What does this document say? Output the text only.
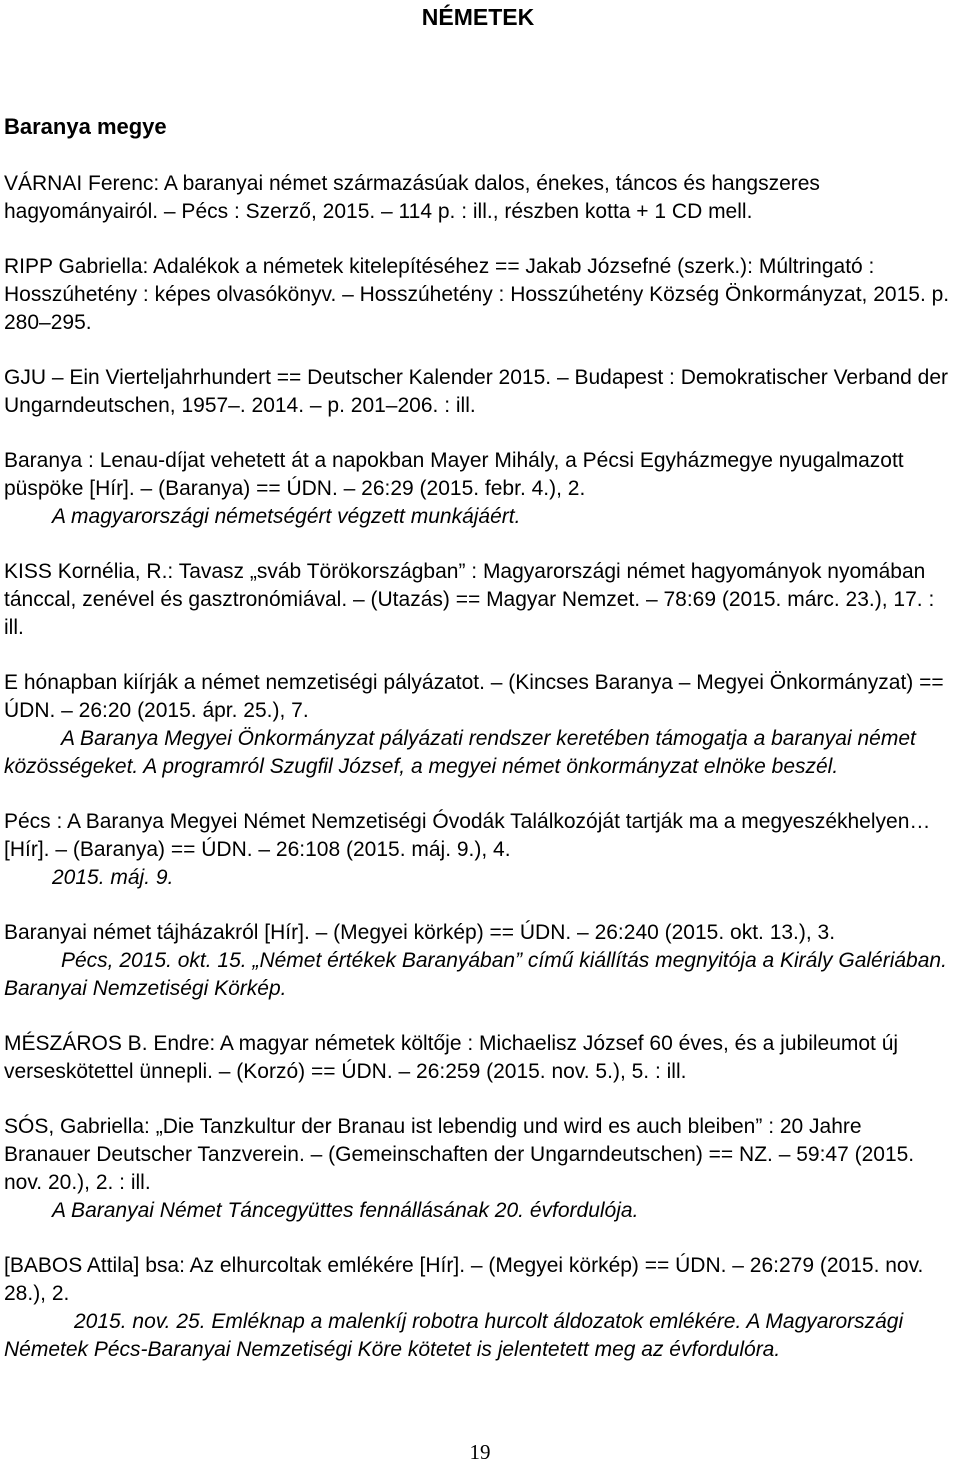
NÉMETEK
Baranya megye
VÁRNAI Ferenc: A baranyai német származásúak dalos, énekes, táncos és hangszeres hagyományairól. – Pécs : Szerző, 2015. – 114 p. : ill., részben kotta + 1 CD mell.
RIPP Gabriella: Adalékok a németek kitelepítéséhez == Jakab Józsefné (szerk.): Múltringató : Hosszúhetény : képes olvasókönyv. – Hosszúhetény : Hosszúhetény Község Önkormányzat, 2015. p. 280–295.
GJU – Ein Vierteljahrhundert == Deutscher Kalender 2015. – Budapest : Demokratischer Verband der Ungarndeutschen, 1957–. 2014. – p. 201–206. : ill.
Baranya : Lenau-díjat vehetett át a napokban Mayer Mihály, a Pécsi Egyházmegye nyugalmazott püspöke [Hír]. – (Baranya) == ÚDN. – 26:29 (2015. febr. 4.), 2.
A magyarországi németségért végzett munkájáért.
KISS Kornélia, R.: Tavasz „sváb Törökországban” : Magyarországi német hagyományok nyomában tánccal, zenével és gasztronómiával. – (Utazás) == Magyar Nemzet. – 78:69 (2015. márc. 23.), 17. : ill.
E hónapban kiírják a német nemzetiségi pályázatot. – (Kincses Baranya – Megyei Önkormányzat) == ÚDN. – 26:20 (2015. ápr. 25.), 7.
A Baranya Megyei Önkormányzat pályázati rendszer keretében támogatja a baranyai német közösségeket. A programról Szugfil József, a megyei német önkormányzat elnöke beszél.
Pécs : A Baranya Megyei Német Nemzetiségi Óvodák Találkozóját tartják ma a megyeszékhelyen… [Hír]. – (Baranya) == ÚDN. – 26:108 (2015. máj. 9.), 4.
2015. máj. 9.
Baranyai német tájházakról [Hír]. – (Megyei körkép) == ÚDN. – 26:240 (2015. okt. 13.), 3.
Pécs, 2015. okt. 15. „Német értékek Baranyában” című kiállítás megnyitója a Király Galériában. Baranyai Nemzetiségi Körkép.
MÉSZÁROS B. Endre: A magyar németek költője : Michaelisz József 60 éves, és a jubileumot új verseskötettel ünnepli. – (Korzó) == ÚDN. – 26:259 (2015. nov. 5.), 5. : ill.
SÓS, Gabriella: „Die Tanzkultur der Branau ist lebendig und wird es auch bleiben” : 20 Jahre Branauer Deutscher Tanzverein. – (Gemeinschaften der Ungarndeutschen) == NZ. – 59:47 (2015. nov. 20.), 2. : ill.
A Baranyai Német Táncegyüttes fennállásának 20. évfordulója.
[BABOS Attila] bsa: Az elhurcoltak emlékére [Hír]. – (Megyei körkép) == ÚDN. – 26:279 (2015. nov. 28.), 2.
2015. nov. 25. Emléknap a malenkíj robotra hurcolt áldozatok emlékére. A Magyarországi Németek Pécs-Baranyai Nemzetiségi Köre kötetet is jelentetett meg az évfordulóra.
19
